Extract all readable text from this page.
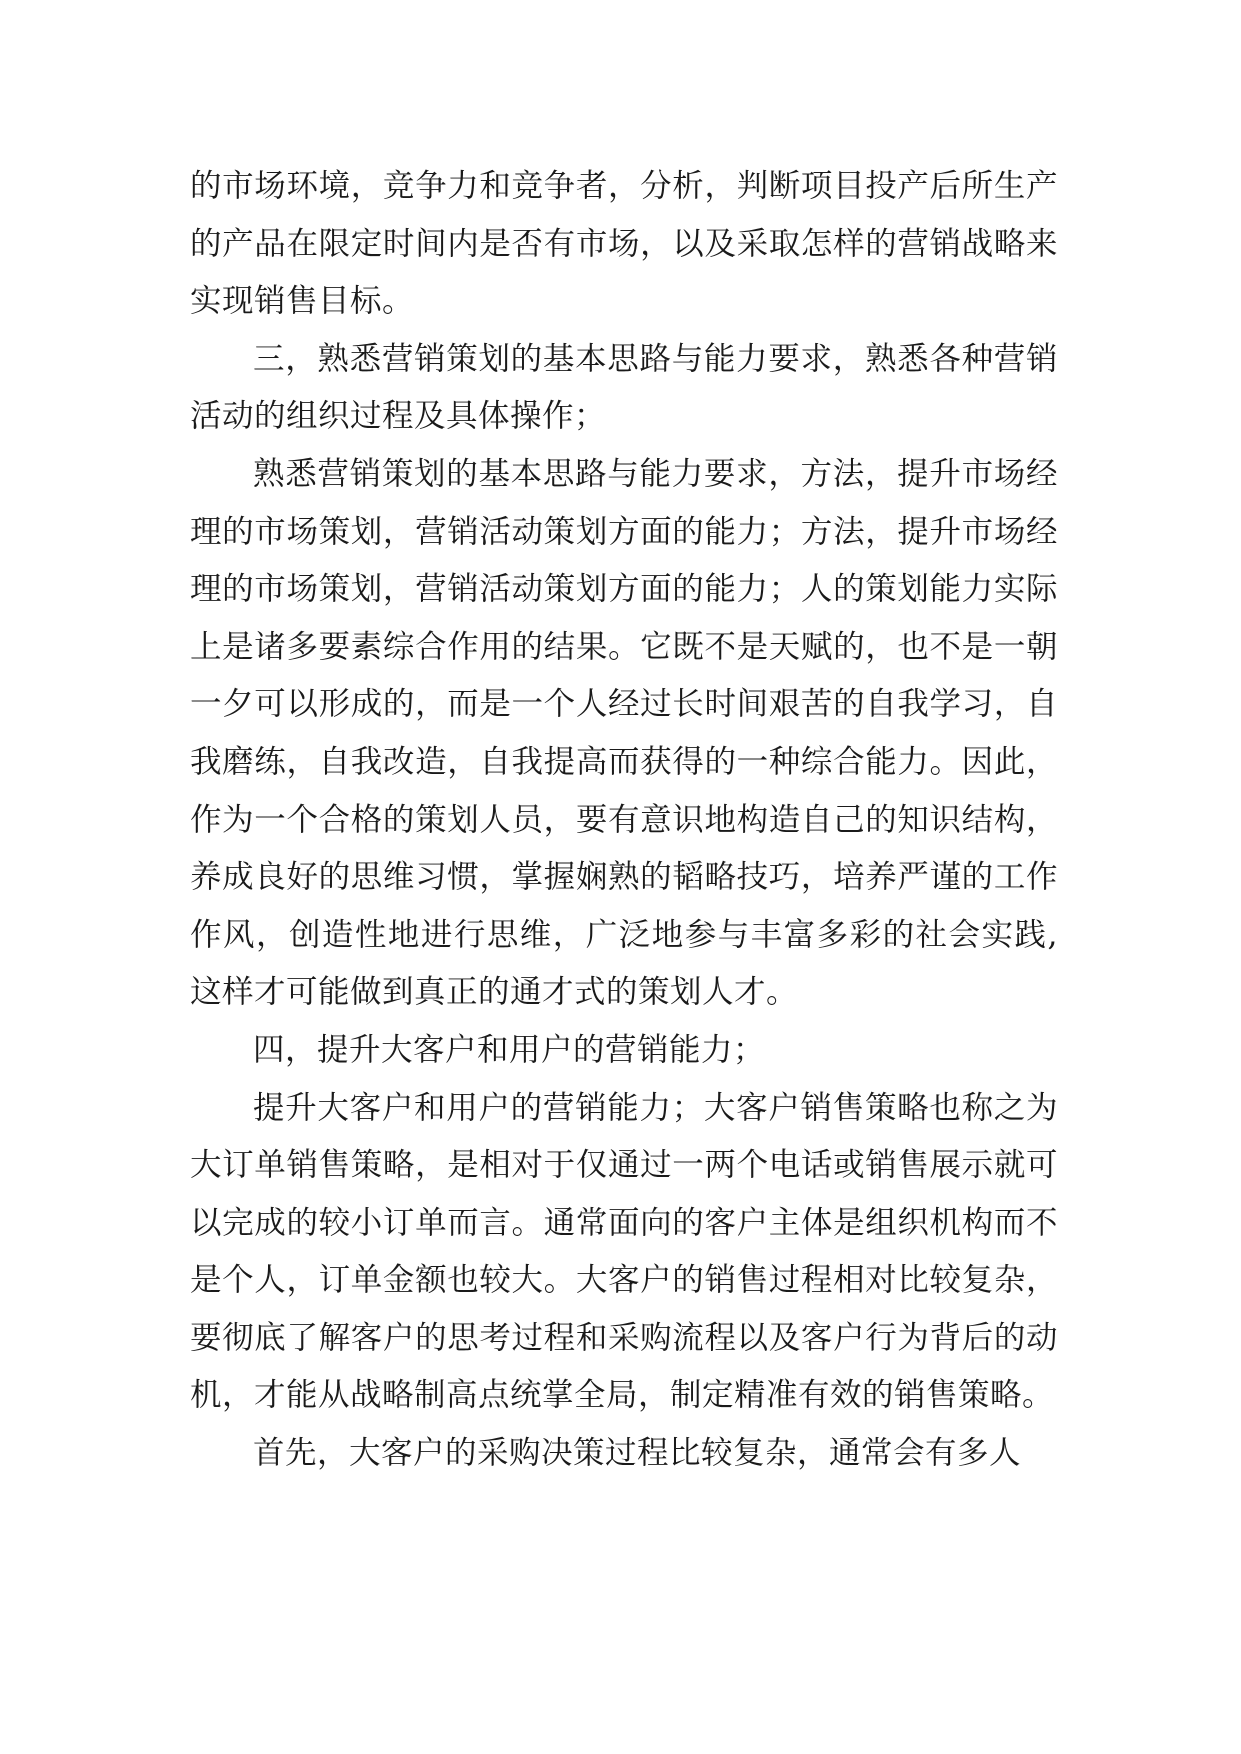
的市场环境，竞争力和竞争者，分析，判断项目投产后所生产的产品在限定时间内是否有市场，以及采取怎样的营销战略来实现销售目标。

三，熟悉营销策划的基本思路与能力要求，熟悉各种营销活动的组织过程及具体操作；

熟悉营销策划的基本思路与能力要求，方法，提升市场经理的市场策划，营销活动策划方面的能力；方法，提升市场经理的市场策划，营销活动策划方面的能力；人的策划能力实际上是诸多要素综合作用的结果。它既不是天赋的，也不是一朝一夕可以形成的，而是一个人经过长时间艰苦的自我学习，自我磨练，自我改造，自我提高而获得的一种综合能力。因此，作为一个合格的策划人员，要有意识地构造自己的知识结构，养成良好的思维习惯，掌握娴熟的韬略技巧，培养严谨的工作作风，创造性地进行思维，广泛地参与丰富多彩的社会实践,这样才可能做到真正的通才式的策划人才。

四，提升大客户和用户的营销能力；

提升大客户和用户的营销能力；大客户销售策略也称之为大订单销售策略，是相对于仅通过一两个电话或销售展示就可以完成的较小订单而言。通常面向的客户主体是组织机构而不是个人，订单金额也较大。大客户的销售过程相对比较复杂，要彻底了解客户的思考过程和采购流程以及客户行为背后的动机，才能从战略制高点统掌全局，制定精准有效的销售策略。

首先，大客户的采购决策过程比较复杂，通常会有多人
